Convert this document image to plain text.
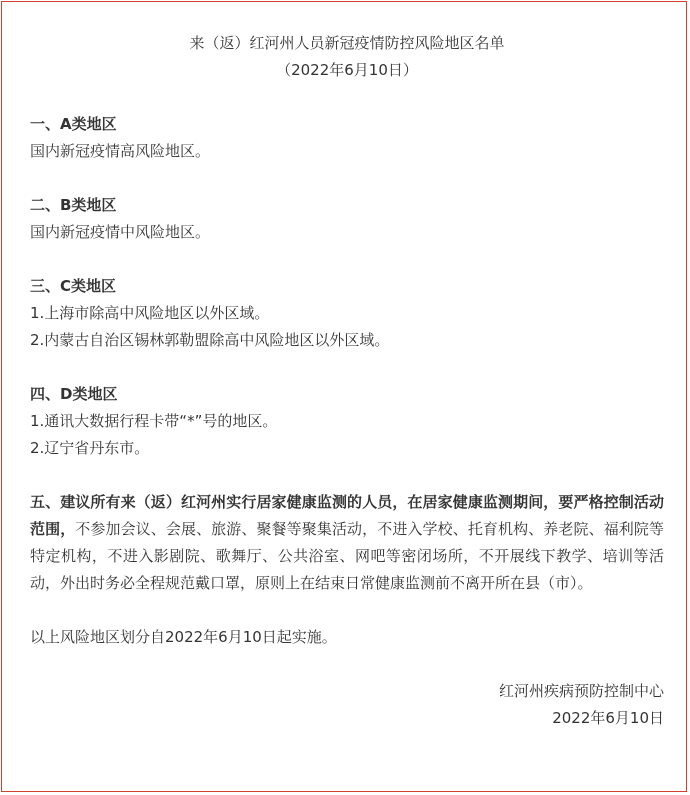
来（返）红河州人员新冠疫情防控风险地区名单
（2022年6月10日）
一、A类地区
国内新冠疫情高风险地区。
二、B类地区
国内新冠疫情中风险地区。
三、C类地区
1.上海市除高中风险地区以外区域。
2.内蒙古自治区锡林郭勒盟除高中风险地区以外区域。
四、D类地区
1.通讯大数据行程卡带“*”号的地区。
2.辽宁省丹东市。
五、建议所有来（返）红河州实行居家健康监测的人员，在居家健康监测期间，要严格控制活动范围，不参加会议、会展、旅游、聚餐等聚集活动，不进入学校、托育机构、养老院、福利院等特定机构，不进入影剧院、歌舞厅、公共浴室、网吧等密闭场所，不开展线下教学、培训等活动，外出时务必全程规范戴口罩，原则上在结束日常健康监测前不离开所在县（市）。
以上风险地区划分自2022年6月10日起实施。
红河州疾病预防控制中心
2022年6月10日
